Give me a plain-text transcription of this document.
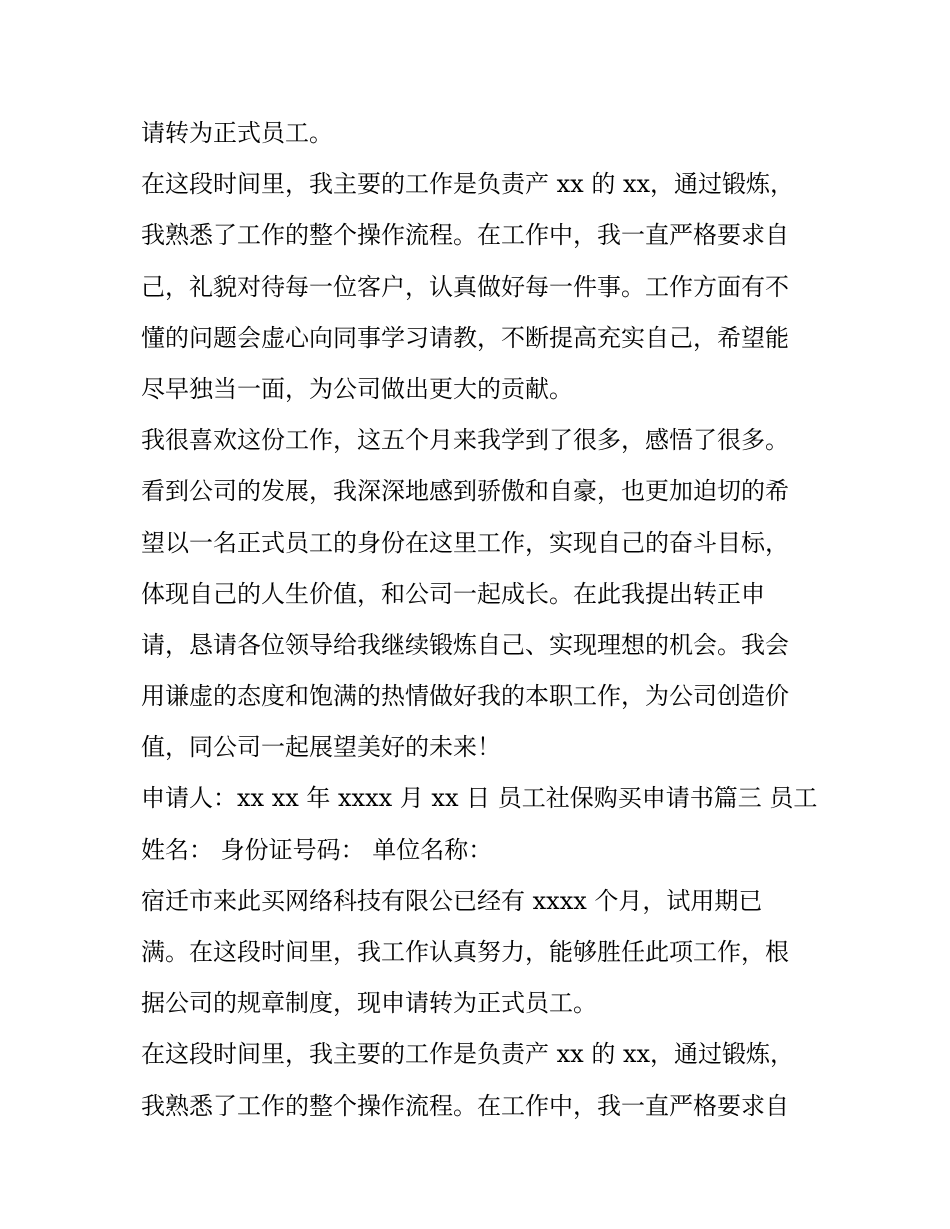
请转为正式员工。
在这段时间里，我主要的工作是负责产 xx 的 xx，通过锻炼，
我熟悉了工作的整个操作流程。在工作中，我一直严格要求自
己，礼貌对待每一位客户，认真做好每一件事。工作方面有不
懂的问题会虚心向同事学习请教，不断提高充实自己，希望能
尽早独当一面，为公司做出更大的贡献。
我很喜欢这份工作，这五个月来我学到了很多，感悟了很多。
看到公司的发展，我深深地感到骄傲和自豪，也更加迫切的希
望以一名正式员工的身份在这里工作，实现自己的奋斗目标，
体现自己的人生价值，和公司一起成长。在此我提出转正申
请，恳请各位领导给我继续锻炼自己、实现理想的机会。我会
用谦虚的态度和饱满的热情做好我的本职工作，为公司创造价
值，同公司一起展望美好的未来！
申请人：xx xx 年 xxxx 月 xx 日 员工社保购买申请书篇三 员工
姓名： 身份证号码： 单位名称：
宿迁市来此买网络科技有限公已经有 xxxx 个月，试用期已
满。在这段时间里，我工作认真努力，能够胜任此项工作，根
据公司的规章制度，现申请转为正式员工。
在这段时间里，我主要的工作是负责产 xx 的 xx，通过锻炼，
我熟悉了工作的整个操作流程。在工作中，我一直严格要求自
